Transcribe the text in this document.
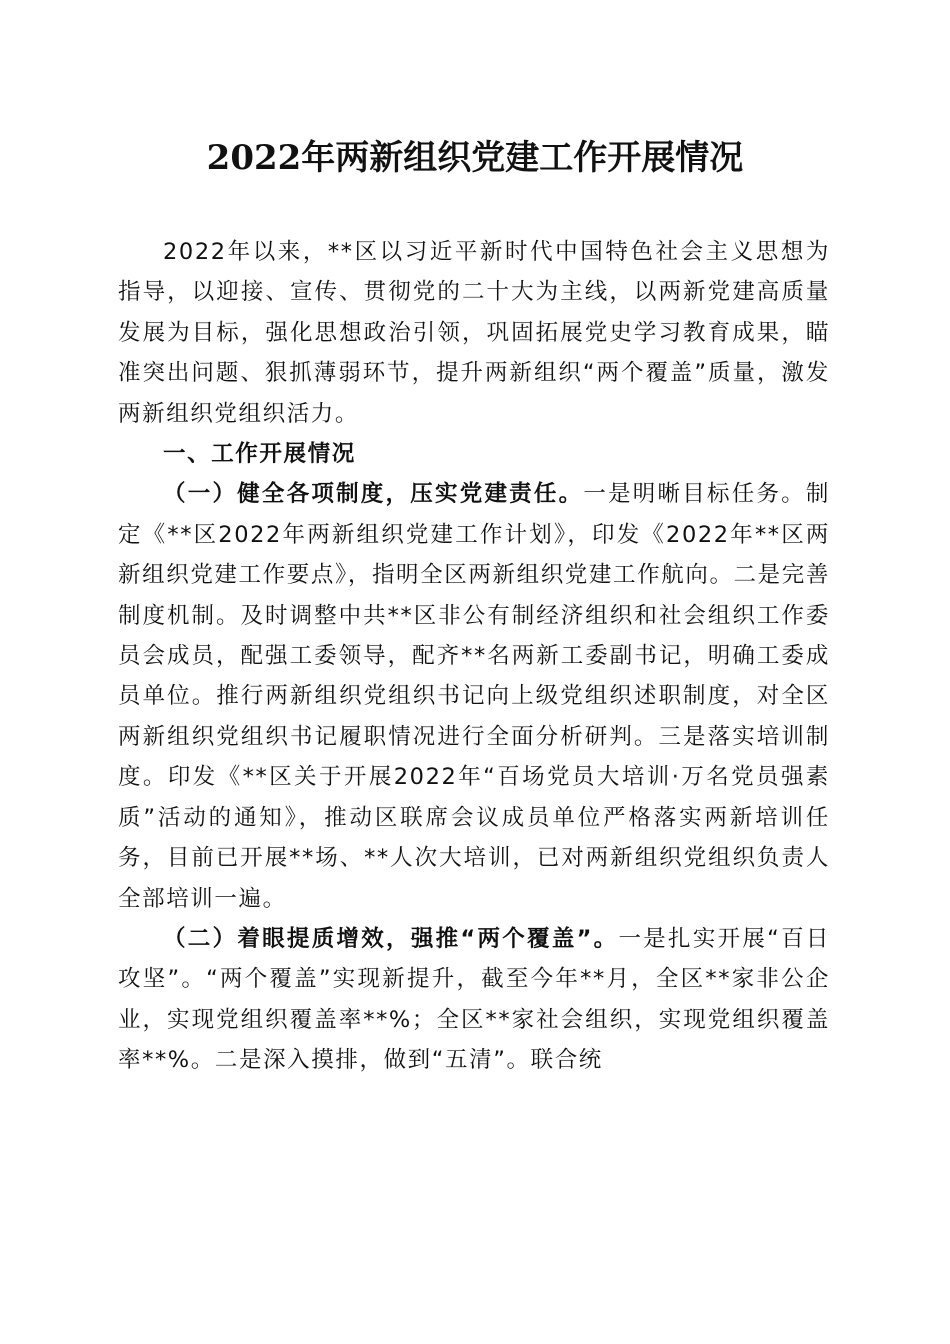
2022年两新组织党建工作开展情况

2022年以来，**区以习近平新时代中国特色社会主义思想为指导，以迎接、宣传、贯彻党的二十大为主线，以两新党建高质量发展为目标，强化思想政治引领，巩固拓展党史学习教育成果，瞄准突出问题、狠抓薄弱环节，提升两新组织“两个覆盖”质量，激发两新组织党组织活力。

一、工作开展情况

（一）健全各项制度，压实党建责任。一是明晰目标任务。制定《**区2022年两新组织党建工作计划》，印发《2022年**区两新组织党建工作要点》，指明全区两新组织党建工作航向。二是完善制度机制。及时调整中共**区非公有制经济组织和社会组织工作委员会成员，配强工委领导，配齐**名两新工委副书记，明确工委成员单位。推行两新组织党组织书记向上级党组织述职制度，对全区两新组织党组织书记履职情况进行全面分析研判。三是落实培训制度。印发《**区关于开展2022年“百场党员大培训·万名党员强素质”活动的通知》，推动区联席会议成员单位严格落实两新培训任务，目前已开展**场、**人次大培训，已对两新组织党组织负责人全部培训一遍。

（二）着眼提质增效，强推“两个覆盖”。一是扎实开展“百日攻坚”。“两个覆盖”实现新提升，截至今年**月，全区**家非公企业，实现党组织覆盖率**%；全区**家社会组织，实现党组织覆盖率**%。二是深入摸排，做到“五清”。联合统
